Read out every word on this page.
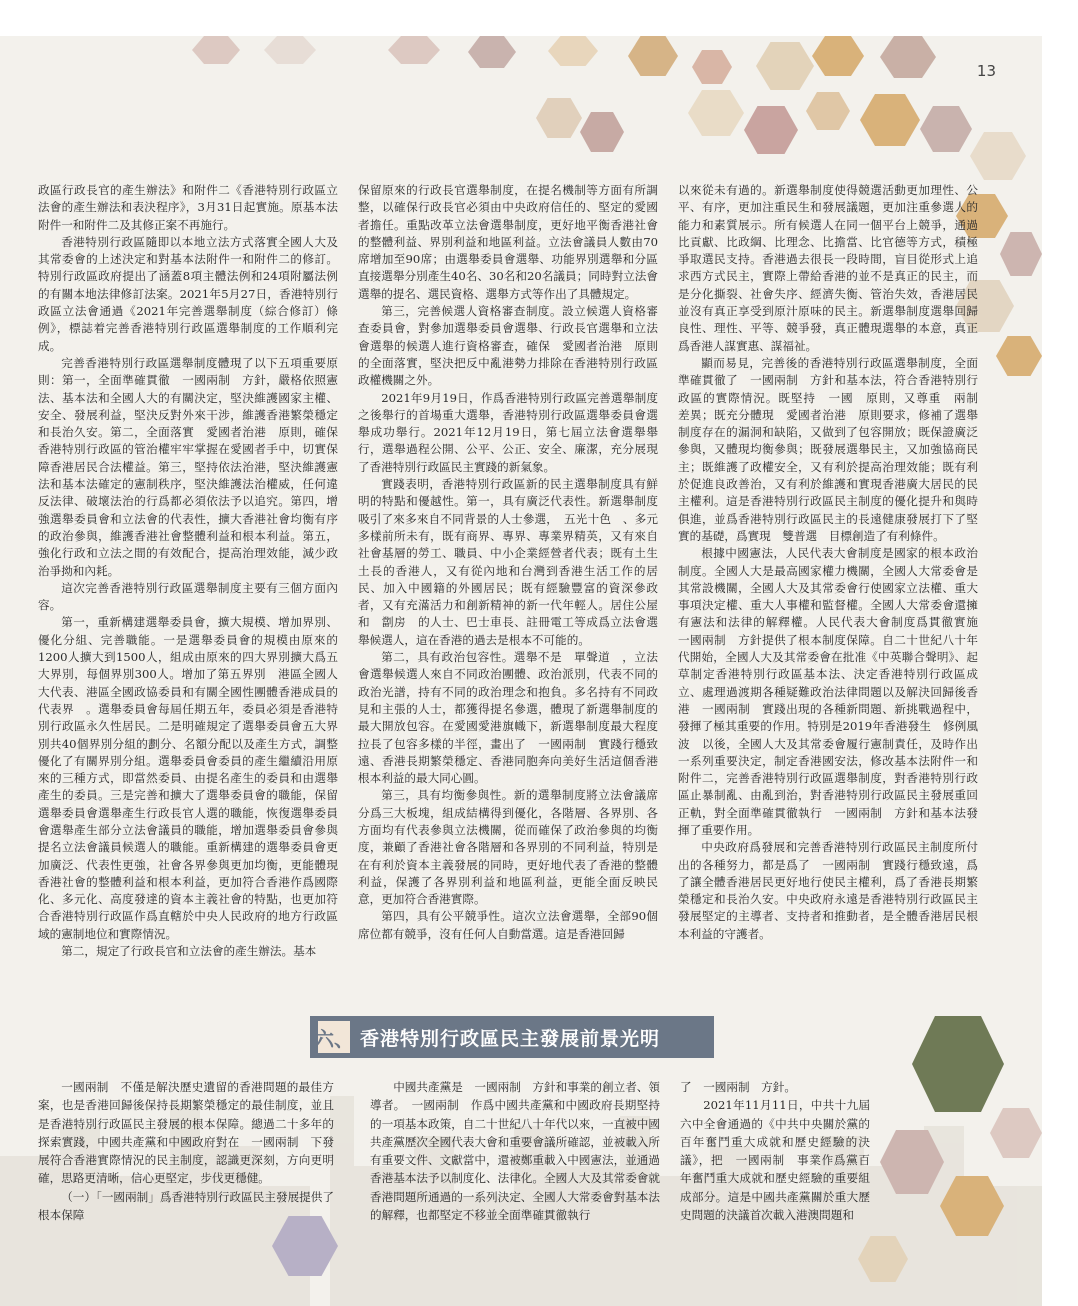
13

政區行政長官的產生辦法》和附件二《香港特別行政區立法會的產生辦法和表決程序》，3月31日起實施。原基本法附件一和附件二及其修正案不再施行。

香港特別行政區隨即以本地立法方式落實全國人大及其常委會的上述決定和對基本法附件一和附件二的修訂。特別行政區政府提出了涵蓋8項主體法例和24項附屬法例的有關本地法律修訂法案。2021年5月27日，香港特別行政區立法會通過《2021年完善選舉制度（綜合修訂）條例》，標誌着完善香港特別行政區選舉制度的工作順利完成。

完善香港特別行政區選舉制度體現了以下五項重要原則：第一，全面準確貫徹　一國兩制　方針，嚴格依照憲法、基本法和全國人大的有關決定，堅決維護國家主權、安全、發展利益，堅決反對外來干涉，維護香港繁榮穩定和長治久安。第二，全面落實　愛國者治港　原則，確保香港特別行政區的管治權牢牢掌握在愛國者手中，切實保障香港居民合法權益。第三，堅持依法治港，堅決維護憲法和基本法確定的憲制秩序，堅決維護法治權威，任何違反法律、破壞法治的行爲都必須依法予以追究。第四，增強選舉委員會和立法會的代表性，擴大香港社會均衡有序的政治參與，維護香港社會整體利益和根本利益。第五，強化行政和立法之間的有效配合，提高治理效能，減少政治爭拗和內耗。

這次完善香港特別行政區選舉制度主要有三個方面內容。

第一，重新構建選舉委員會，擴大規模、增加界別、優化分組、完善職能。一是選舉委員會的規模由原來的1200人擴大到1500人，組成由原來的四大界別擴大爲五大界別，每個界別300人。增加了第五界別　港區全國人大代表、港區全國政協委員和有關全國性團體香港成員的代表界　。選舉委員會每屆任期五年，委員必須是香港特別行政區永久性居民。二是明確規定了選舉委員會五大界別共40個界別分組的劃分、名額分配以及產生方式，調整優化了有關界別分組。選舉委員會委員的產生繼續沿用原來的三種方式，即當然委員、由提名產生的委員和由選舉產生的委員。三是完善和擴大了選舉委員會的職能，保留選舉委員會選舉產生行政長官人選的職能，恢復選舉委員會選舉產生部分立法會議員的職能，增加選舉委員會參與提名立法會議員候選人的職能。重新構建的選舉委員會更加廣泛、代表性更強，社會各界參與更加均衡，更能體現香港社會的整體利益和根本利益，更加符合香港作爲國際化、多元化、高度發達的資本主義社會的特點，也更加符合香港特別行政區作爲直轄於中央人民政府的地方行政區域的憲制地位和實際情況。

第二，規定了行政長官和立法會的產生辦法。基本

保留原來的行政長官選舉制度，在提名機制等方面有所調整，以確保行政長官必須由中央政府信任的、堅定的愛國者擔任。重點改革立法會選舉制度，更好地平衡香港社會的整體利益、界別利益和地區利益。立法會議員人數由70席增加至90席；由選舉委員會選舉、功能界別選舉和分區直接選舉分別產生40名、30名和20名議員；同時對立法會選舉的提名、選民資格、選舉方式等作出了具體規定。

第三，完善候選人資格審查制度。設立候選人資格審查委員會，對參加選舉委員會選舉、行政長官選舉和立法會選舉的候選人進行資格審查，確保　愛國者治港　原則的全面落實，堅決把反中亂港勢力排除在香港特別行政區政權機關之外。

2021年9月19日，作爲香港特別行政區完善選舉制度之後舉行的首場重大選舉，香港特別行政區選舉委員會選舉成功舉行。2021年12月19日，第七屆立法會選舉舉行，選舉過程公開、公平、公正、安全、廉潔，充分展現了香港特別行政區民主實踐的新氣象。

實踐表明，香港特別行政區新的民主選舉制度具有鮮明的特點和優越性。第一，具有廣泛代表性。新選舉制度吸引了來多來自不同背景的人士參選，　五光十色　、多元多樣前所未有，既有商界、專界、專業界精英，又有來自社會基層的勞工、職員、中小企業經營者代表；既有土生土長的香港人，又有從內地和台灣到香港生活工作的居民、加入中國籍的外國居民；既有經驗豐富的資深參政者，又有充滿活力和創新精神的新一代年輕人。居住公屋和　劏房　的人士、巴士車長、註冊電工等成爲立法會選舉候選人，這在香港的過去是根本不可能的。

第二，具有政治包容性。選舉不是　單聲道　，立法會選舉候選人來自不同政治團體、政治派別，代表不同的政治光譜，持有不同的政治理念和抱負。多名持有不同政見和主張的人士，都獲得提名參選，體現了新選舉制度的最大開放包容。在愛國愛港旗幟下，新選舉制度最大程度拉長了包容多樣的半徑，畫出了　一國兩制　實踐行穩致遠、香港長期繁榮穩定、香港同胞奔向美好生活這個香港根本利益的最大同心圓。

第三，具有均衡參與性。新的選舉制度將立法會議席分爲三大板塊，組成結構得到優化，各階層、各界別、各方面均有代表參與立法機關，從而確保了政治參與的均衡度，兼顧了香港社會各階層和各界別的不同利益，特別是在有利於資本主義發展的同時，更好地代表了香港的整體利益，保護了各界別利益和地區利益，更能全面反映民意，更加符合香港實際。

第四，具有公平競爭性。這次立法會選舉，全部90個席位都有競爭，沒有任何人自動當選。這是香港回歸

以來從未有過的。新選舉制度使得競選活動更加理性、公平、有序，更加注重民生和發展議題，更加注重參選人的能力和素質展示。所有候選人在同一個平台上競爭，通過比貢獻、比政綱、比理念、比擔當、比官德等方式，積極爭取選民支持。香港過去很長一段時間，盲目從形式上追求西方式民主，實際上帶給香港的並不是真正的民主，而是分化撕裂、社會失序、經濟失衡、管治失效，香港居民並沒有真正享受到原汁原味的民主。新選舉制度選舉回歸良性、理性、平等、競爭發，真正體現選舉的本意，真正爲香港人謀實惠、謀福祉。

顯而易見，完善後的香港特別行政區選舉制度，全面準確貫徹了　一國兩制　方針和基本法，符合香港特別行政區的實際情況。既堅持　一國　原則，又尊重　兩制　差異；既充分體現　愛國者治港　原則要求，修補了選舉制度存在的漏洞和缺陷，又做到了包容開放；既保證廣泛參與，又體現均衡參與；既發展選舉民主，又加強協商民主；既維護了政權安全，又有利於提高治理效能；既有利於促進良政善治，又有利於維護和實現香港廣大居民的民主權利。這是香港特別行政區民主制度的優化提升和與時俱進，並爲香港特別行政區民主的長遠健康發展打下了堅實的基礎，爲實現　雙普選　目標創造了有利條件。

根據中國憲法，人民代表大會制度是國家的根本政治制度。全國人大是最高國家權力機關，全國人大常委會是其常設機關，全國人大及其常委會行使國家立法權、重大事項決定權、重大人事權和監督權。全國人大常委會還擁有憲法和法律的解釋權。人民代表大會制度爲貫徹實施　一國兩制　方針提供了根本制度保障。自二十世紀八十年代開始，全國人大及其常委會在批准《中英聯合聲明》、起草制定香港特別行政區基本法、決定香港特別行政區成立、處理過渡期各種疑難政治法律問題以及解決回歸後香港　一國兩制　實踐出現的各種新問題、新挑戰過程中，發揮了極其重要的作用。特別是2019年香港發生　修例風波　以後，全國人大及其常委會履行憲制責任，及時作出一系列重要決定，制定香港國安法，修改基本法附件一和附件二，完善香港特別行政區選舉制度，對香港特別行政區止暴制亂、由亂到治，對香港特別行政區民主發展重回正軌，對全面準確貫徹執行　一國兩制　方針和基本法發揮了重要作用。

中央政府爲發展和完善香港特別行政區民主制度所付出的各種努力，都是爲了　一國兩制　實踐行穩致遠，爲了讓全體香港居民更好地行使民主權利，爲了香港長期繁榮穩定和長治久安。中央政府永遠是香港特別行政區民主發展堅定的主導者、支持者和推動者，是全體香港居民根本利益的守護者。

六、 香港特別行政區民主發展前景光明

一國兩制　不僅是解決歷史遺留的香港問題的最佳方案，也是香港回歸後保持長期繁榮穩定的最佳制度，並且是香港特別行政區民主發展的根本保障。總過二十多年的探索實踐，中國共產黨和中國政府對在　一國兩制　下發展符合香港實際情況的民主制度，認識更深刻，方向更明確，思路更清晰，信心更堅定，步伐更穩健。

（一）「一國兩制」爲香港特別行政區民主發展提供了根本保障

中國共產黨是　一國兩制　方針和事業的創立者、領導者。　一國兩制　作爲中國共產黨和中國政府長期堅持的一項基本政策，自二十世紀八十年代以來，一直被中國共產黨歷次全國代表大會和重要會議所確認，並被載入所有重要文件、文獻當中，還被鄭重載入中國憲法，並通過香港基本法予以制度化、法律化。全國人大及其常委會就香港問題所通過的一系列決定、全國人大常委會對基本法的解釋，也都堅定不移並全面準確貫徹執行

了　一國兩制　方針。

2021年11月11日，中共十九屆六中全會通過的《中共中央關於黨的百年奮鬥重大成就和歷史經驗的決議》，把　一國兩制　事業作爲黨百年奮鬥重大成就和歷史經驗的重要組成部分。這是中國共產黨關於重大歷史問題的決議首次載入港澳問題和
